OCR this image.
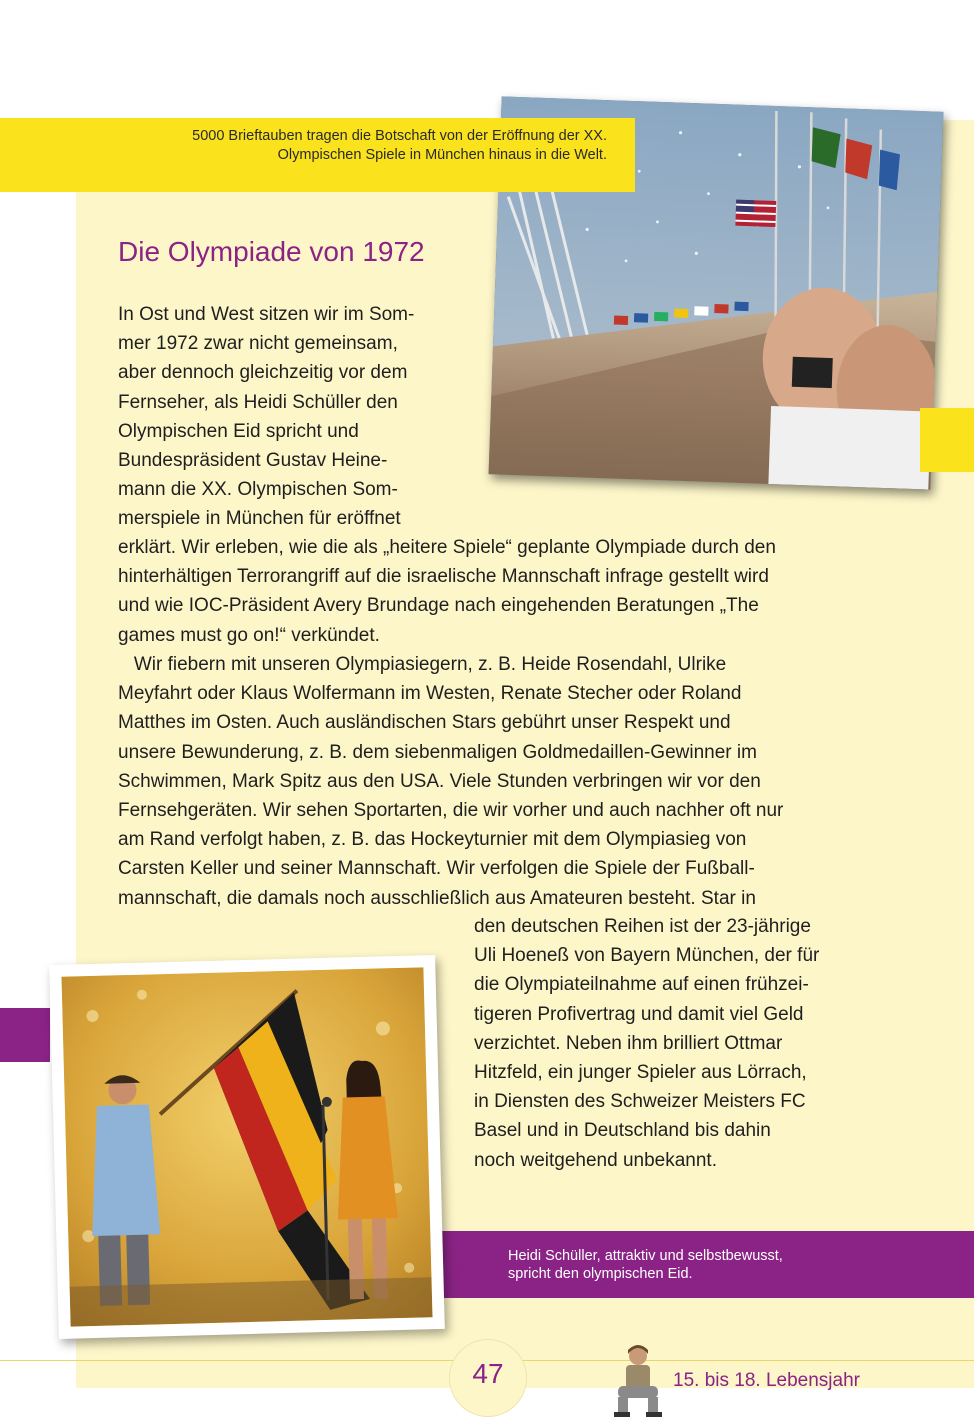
5000 Brieftauben tragen die Botschaft von der Eröffnung der XX.
Olympischen Spiele in München hinaus in die Welt.
Die Olympiade von 1972
In Ost und West sitzen wir im Som-
mer 1972 zwar nicht gemeinsam,
aber dennoch gleichzeitig vor dem
Fernseher, als Heidi Schüller den
Olympischen Eid spricht und
Bundespräsident Gustav Heine-
mann die XX. Olympischen Som-
merspiele in München für eröffnet
erklärt. Wir erleben, wie die als „heitere Spiele“ geplante Olympiade durch den
hinterhältigen Terrorangriff auf die israelische Mannschaft infrage gestellt wird
und wie IOC-Präsident Avery Brundage nach eingehenden Beratungen „The
games must go on!“ verkündet.
Wir fiebern mit unseren Olympiasiegern, z. B. Heide Rosendahl, Ulrike
Meyfahrt oder Klaus Wolfermann im Westen, Renate Stecher oder Roland
Matthes im Osten. Auch ausländischen Stars gebührt unser Respekt und
unsere Bewunderung, z. B. dem siebenmaligen Goldmedaillen-Gewinner im
Schwimmen, Mark Spitz aus den USA. Viele Stunden verbringen wir vor den
Fernsehgeräten. Wir sehen Sportarten, die wir vorher und auch nachher oft nur
am Rand verfolgt haben, z. B. das Hockeyturnier mit dem Olympiasieg von
Carsten Keller und seiner Mannschaft. Wir verfolgen die Spiele der Fußball-
mannschaft, die damals noch ausschließlich aus Amateuren besteht. Star in
den deutschen Reihen ist der 23-jährige
Uli Hoeneß von Bayern München, der für
die Olympiateilnahme auf einen frühzei-
tigeren Profivertrag und damit viel Geld
verzichtet. Neben ihm brilliert Ottmar
Hitzfeld, ein junger Spieler aus Lörrach,
in Diensten des Schweizer Meisters FC
Basel und in Deutschland bis dahin
noch weitgehend unbekannt.
Heidi Schüller, attraktiv und selbstbewusst,
spricht den olympischen Eid.
47	15. bis 18. Lebensjahr
